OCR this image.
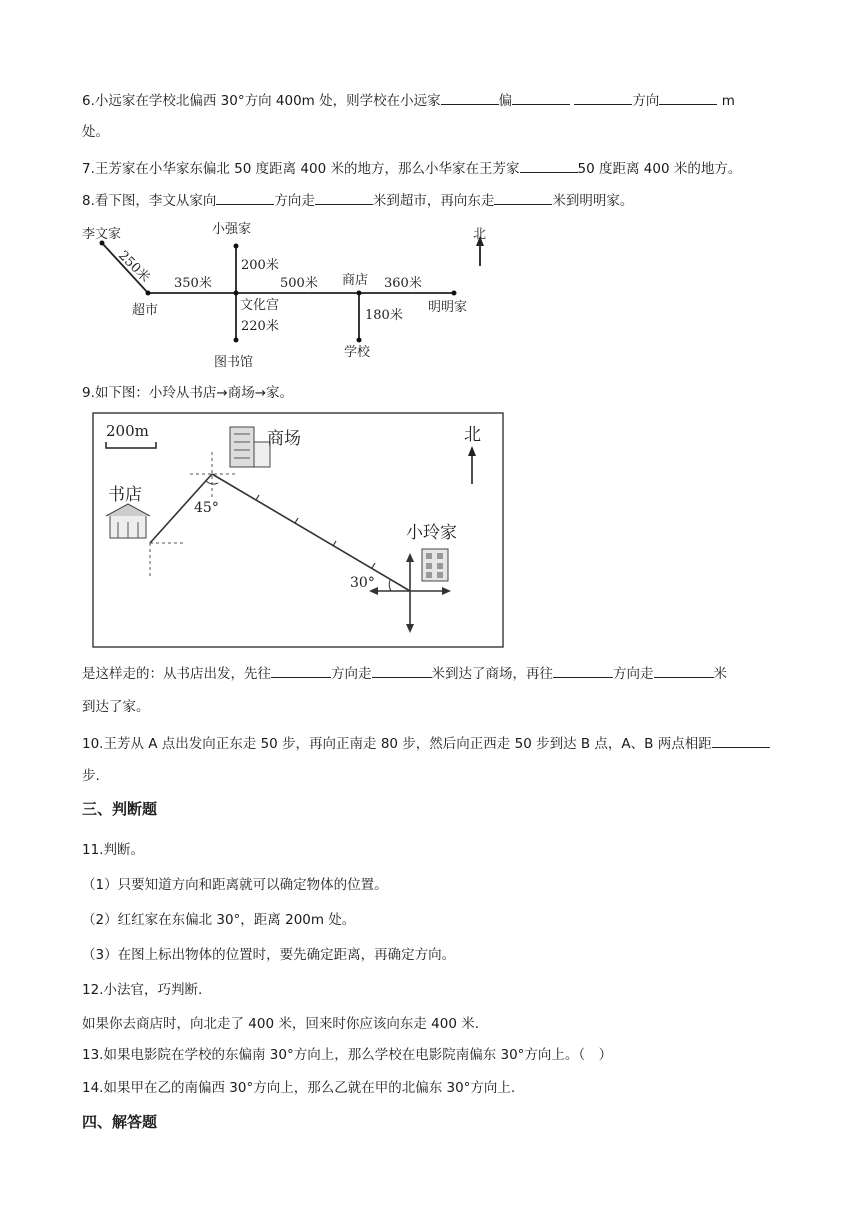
6.小远家在学校北偏西 30°方向 400m 处，则学校在小远家	偏	方向	m
处。
7.王芳家在小华家东偏北 50 度距离 400 米的地方，那么小华家在王芳家	50 度距离 400 米的地方。
8.看下图，李文从家向	方向走	米到超市，再向东走	米到明明家。
北
李文家
250米 350米
超市
小强家
200米
500米
文化宫
220米
图书馆
商店 360米
180米
学校
明明家
9.如下图：小玲从书店→商场→家。
200m	商场	北
书店
45°
小玲家
30°
是这样走的：从书店出发，先往	方向走	米到达了商场，再往	方向走	米
到达了家。
10.王芳从 A 点出发向正东走 50 步，再向正南走 80 步，然后向正西走 50 步到达 B 点，A、B 两点相距
步.
三、判断题
11.判断。
（1）只要知道方向和距离就可以确定物体的位置。
（2）红红家在东偏北 30°，距离 200m 处。
（3）在图上标出物体的位置时，要先确定距离，再确定方向。
12.小法官，巧判断.
如果你去商店时，向北走了 400 米，回来时你应该向东走 400 米.
13.如果电影院在学校的东偏南 30°方向上，那么学校在电影院南偏东 30°方向上。（　）
14.如果甲在乙的南偏西 30°方向上，那么乙就在甲的北偏东 30°方向上.
四、解答题
